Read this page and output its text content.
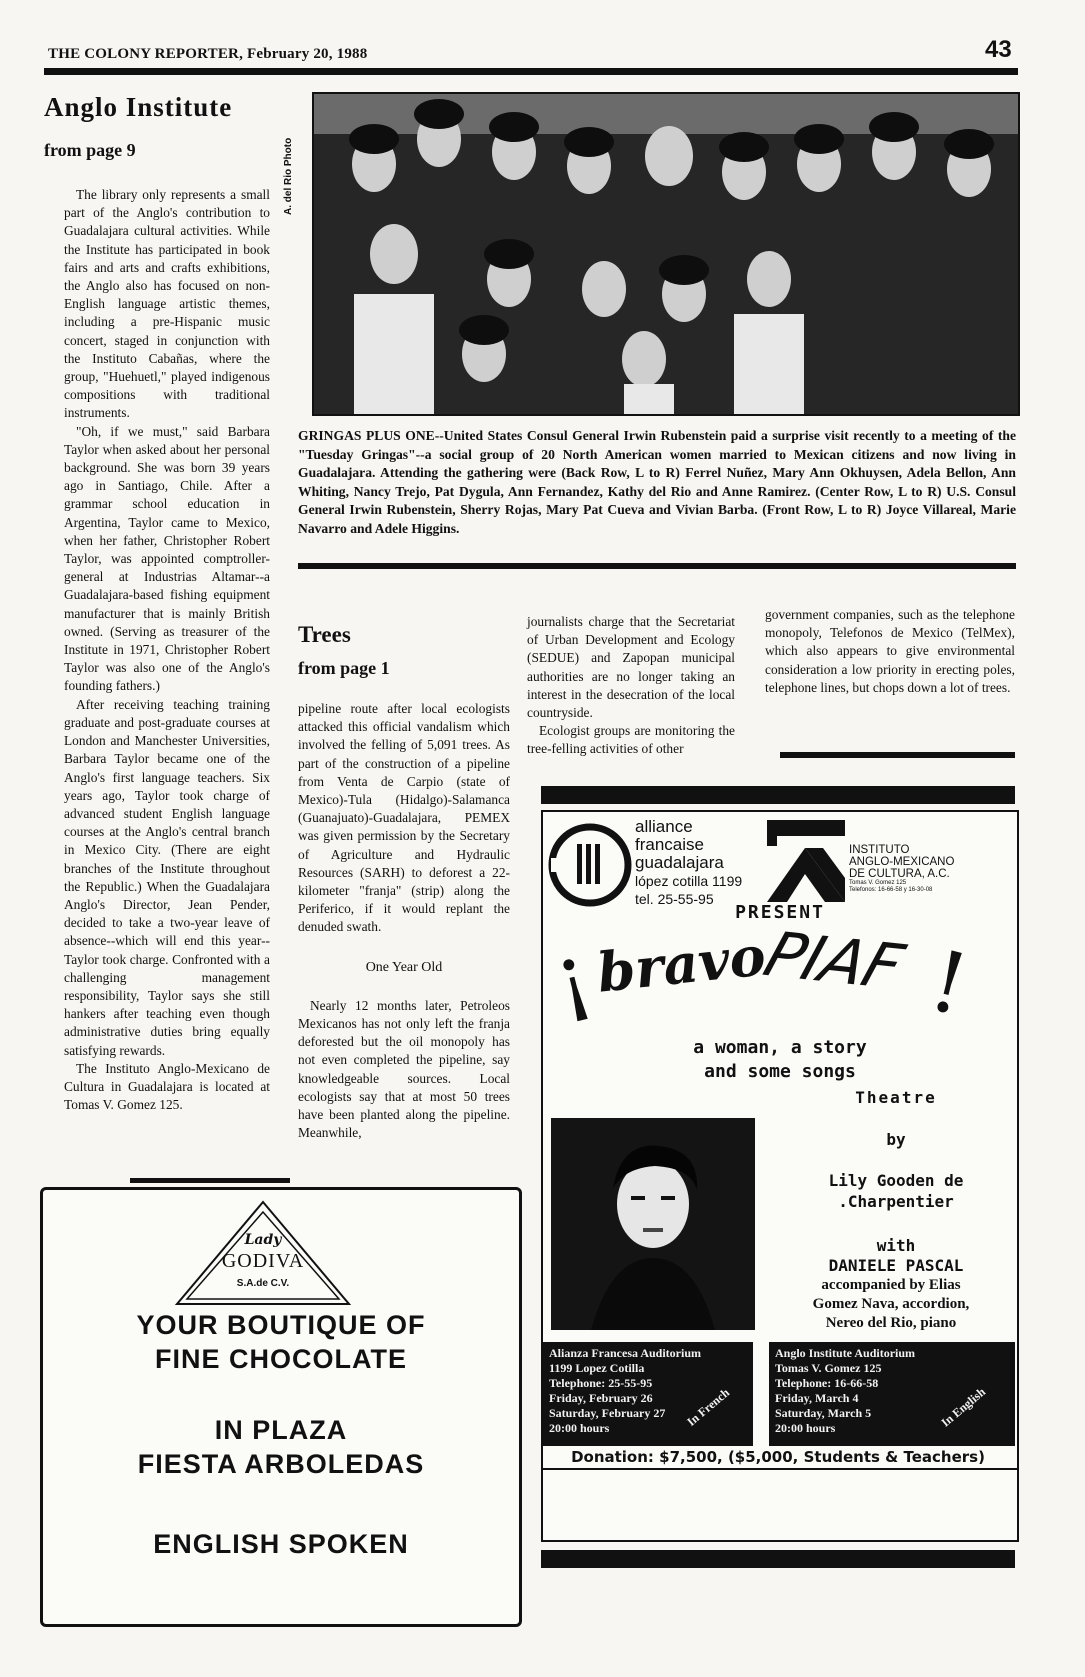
THE COLONY REPORTER, February 20, 1988	43
Anglo Institute
from page 9

The library only represents a small part of the Anglo's contribution to Guadalajara cultural activities. While the Institute has participated in book fairs and arts and crafts exhibitions, the Anglo also has focused on non-English language artistic themes, including a pre-Hispanic music concert, staged in conjunction with the Instituto Cabañas, where the group, "Huehuetl," played indigenous compositions with traditional instruments.

"Oh, if we must," said Barbara Taylor when asked about her personal background. She was born 39 years ago in Santiago, Chile. After a grammar school education in Argentina, Taylor came to Mexico, when her father, Christopher Robert Taylor, was appointed comptroller-general at Industrias Altamar--a Guadalajara-based fishing equipment manufacturer that is mainly British owned. (Serving as treasurer of the Institute in 1971, Christopher Robert Taylor was also one of the Anglo's founding fathers.)

After receiving teaching training graduate and post-graduate courses at London and Manchester Universities, Barbara Taylor became one of the Anglo's first language teachers. Six years ago, Taylor took charge of advanced student English language courses at the Anglo's central branch in Mexico City. (There are eight branches of the Institute throughout the Republic.) When the Guadalajara Anglo's Director, Jean Pender, decided to take a two-year leave of absence--which will end this year--Taylor took charge. Confronted with a challenging management responsibility, Taylor says she still hankers after teaching even though administrative duties bring equally satisfying rewards.

The Instituto Anglo-Mexicano de Cultura in Guadalajara is located at Tomas V. Gomez 125.

A. del Rio Photo
GRINGAS PLUS ONE--United States Consul General Irwin Rubenstein paid a surprise visit recently to a meeting of the "Tuesday Gringas"--a social group of 20 North American women married to Mexican citizens and now living in Guadalajara. Attending the gathering were (Back Row, L to R) Ferrel Nuñez, Mary Ann Okhuysen, Adela Bellon, Ann Whiting, Nancy Trejo, Pat Dygula, Ann Fernandez, Kathy del Rio and Anne Ramirez. (Center Row, L to R) U.S. Consul General Irwin Rubenstein, Sherry Rojas, Mary Pat Cueva and Vivian Barba. (Front Row, L to R) Joyce Villareal, Marie Navarro and Adele Higgins.
Trees
from page 1

pipeline route after local ecologists attacked this official vandalism which involved the felling of 5,091 trees. As part of the construction of a pipeline from Venta de Carpio (state of Mexico)-Tula (Hidalgo)-Salamanca (Guanajuato)-Guadalajara, PEMEX was given permission by the Secretary of Agriculture and Hydraulic Resources (SARH) to deforest a 22-kilometer "franja" (strip) along the Periferico, if it would replant the denuded swath.

One Year Old

Nearly 12 months later, Petroleos Mexicanos has not only left the franja deforested but the oil monopoly has not even completed the pipeline, say knowledgeable sources. Local ecologists say that at most 50 trees have been planted along the pipeline. Meanwhile,

journalists charge that the Secretariat of Urban Development and Ecology (SEDUE) and Zapopan municipal authorities are no longer taking an interest in the desecration of the local countryside.

Ecologist groups are monitoring the tree-felling activities of other

government companies, such as the telephone monopoly, Telefonos de Mexico (TelMex), which also appears to give environmental consideration a low priority in erecting poles, telephone lines, but chops down a lot of trees.

Lady
GODIVA
S.A.de C.V.
YOUR BOUTIQUE OF
FINE CHOCOLATE
IN PLAZA
FIESTA ARBOLEDAS
ENGLISH SPOKEN
alliance
francaise
guadalajara
lópez cotilla 1199
tel. 25-55-95
INSTITUTO
ANGLO-MEXICANO
DE CULTURA, A.C.
Tomas V. Gomez 125
Telefonos: 16-66-58 y 16-30-08
PRESENT
¡
bravo
PIAF !
a woman, a story
and some songs
Theatre
by
Lily Gooden de
.Charpentier
with
DANIELE PASCAL
accompanied by Elias
Gomez Nava, accordion,
Nereo del Rio, piano
Alianza Francesa Auditorium
1199 Lopez Cotilla
Telephone: 25-55-95
Friday, February 26
Saturday, February 27
20:00 hours	In French
Anglo Institute Auditorium
Tomas V. Gomez 125
Telephone: 16-66-58
Friday, March 4
Saturday, March 5
20:00 hours	In English
Donation: $7,500, ($5,000, Students & Teachers)
